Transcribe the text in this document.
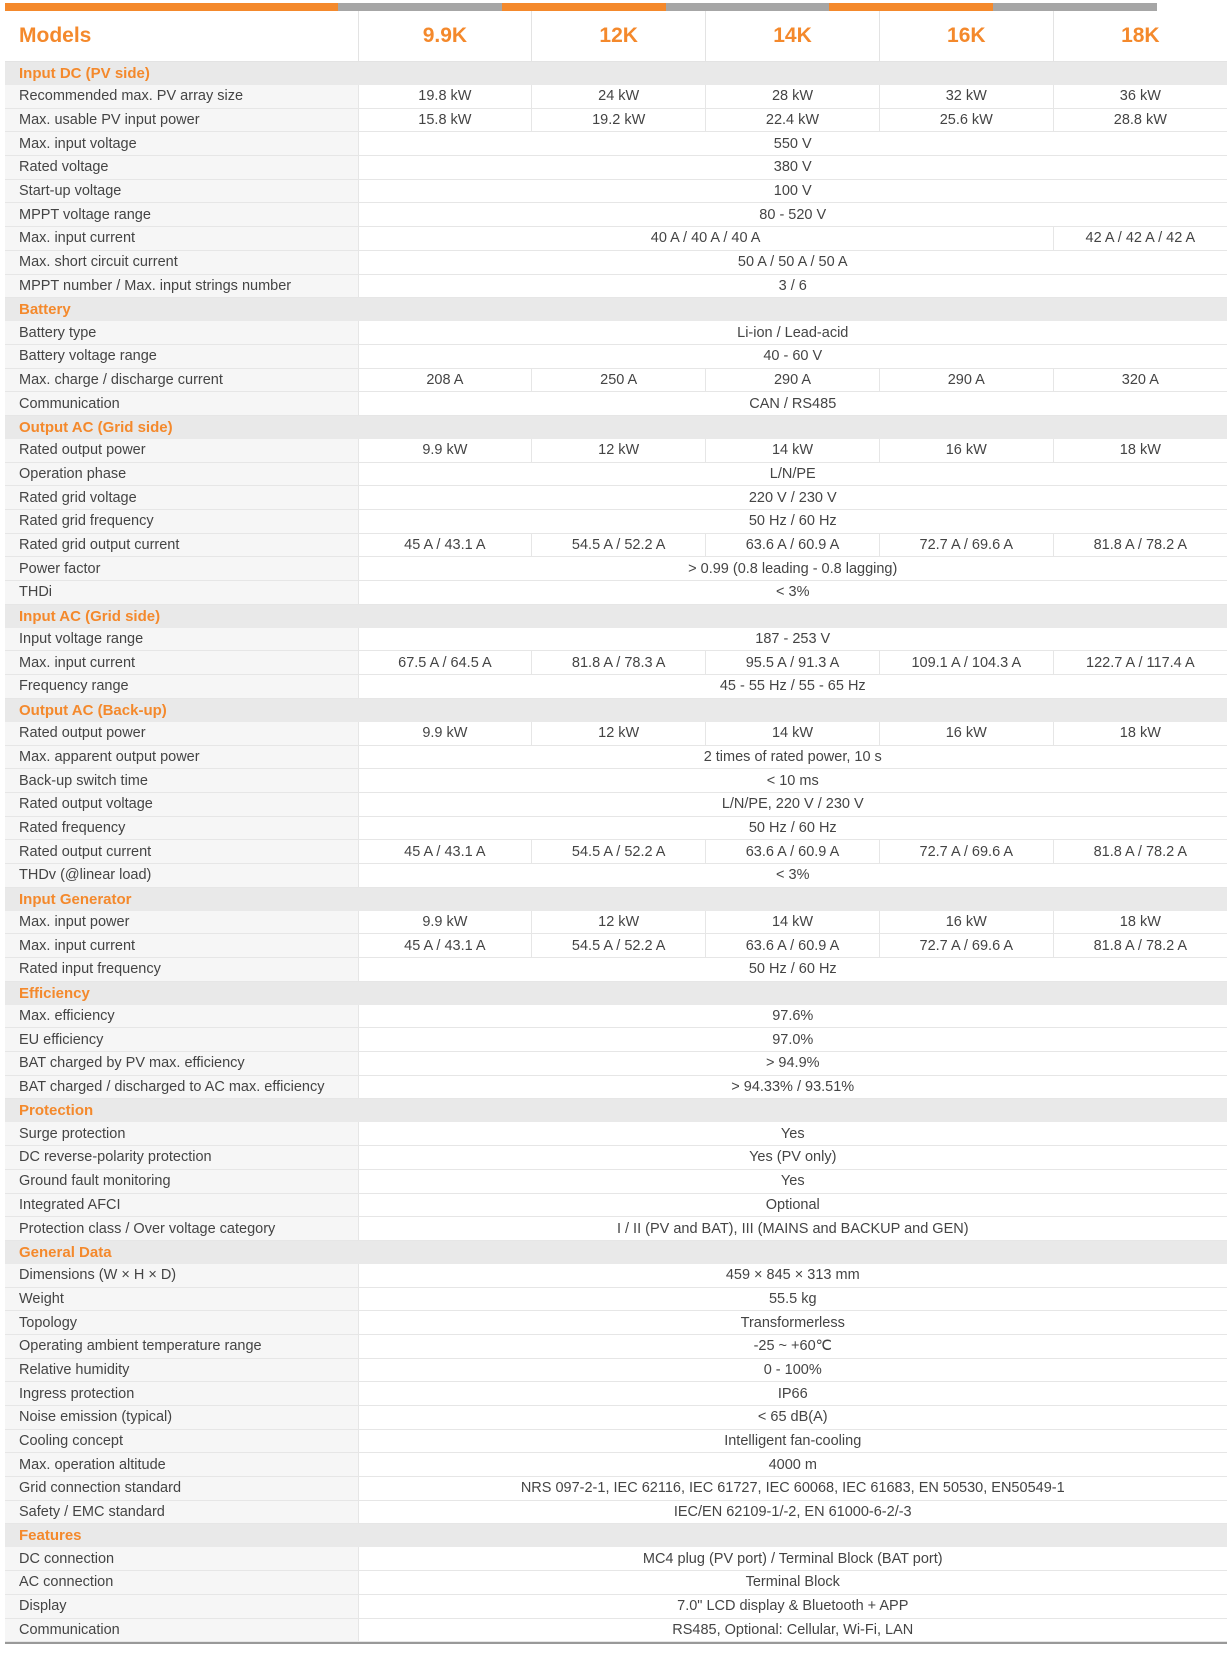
Models	9.9K	12K	14K	16K	18K
Input DC (PV side)					
Recommended max. PV array size	19.8 kW	24 kW	28 kW	32 kW	36 kW
Max. usable PV input power	15.8 kW	19.2 kW	22.4 kW	25.6 kW	28.8 kW
Max. input voltage	550 V				
Rated voltage	380 V				
Start-up voltage	100 V				
MPPT voltage range	80 - 520 V				
Max. input current	40 A / 40 A / 40 A				42 A / 42 A / 42 A
Max. short circuit current	50 A / 50 A / 50 A				
MPPT number / Max. input strings number	3 / 6				
Battery					
Battery type	Li-ion / Lead-acid				
Battery voltage range	40 - 60 V				
Max. charge / discharge current	208 A	250 A	290 A	290 A	320 A
Communication	CAN / RS485				
Output AC (Grid side)					
Rated output power	9.9 kW	12 kW	14 kW	16 kW	18 kW
Operation phase	L/N/PE				
Rated grid voltage	220 V / 230 V				
Rated grid frequency	50 Hz / 60 Hz				
Rated grid output current	45 A / 43.1 A	54.5 A / 52.2 A	63.6 A / 60.9 A	72.7 A / 69.6 A	81.8 A / 78.2 A
Power factor	> 0.99 (0.8 leading - 0.8 lagging)				
THDi	< 3%				
Input AC (Grid side)					
Input voltage range	187 - 253 V				
Max. input current	67.5 A / 64.5 A	81.8 A / 78.3 A	95.5 A / 91.3 A	109.1 A / 104.3 A	122.7 A / 117.4 A
Frequency range	45 - 55 Hz / 55 - 65 Hz				
Output AC (Back-up)					
Rated output power	9.9 kW	12 kW	14 kW	16 kW	18 kW
Max. apparent output power	2 times of rated power, 10 s				
Back-up switch time	< 10 ms				
Rated output voltage	L/N/PE, 220 V / 230 V				
Rated frequency	50 Hz / 60 Hz				
Rated output current	45 A / 43.1 A	54.5 A / 52.2 A	63.6 A / 60.9 A	72.7 A / 69.6 A	81.8 A / 78.2 A
THDv (@linear load)	< 3%				
Input Generator					
Max. input power	9.9 kW	12 kW	14 kW	16 kW	18 kW
Max. input current	45 A / 43.1 A	54.5 A / 52.2 A	63.6 A / 60.9 A	72.7 A / 69.6 A	81.8 A / 78.2 A
Rated input frequency	50 Hz / 60 Hz				
Efficiency					
Max. efficiency	97.6%				
EU efficiency	97.0%				
BAT charged by PV max. efficiency	> 94.9%				
BAT charged / discharged to AC max. efficiency	> 94.33% / 93.51%				
Protection					
Surge protection	Yes				
DC reverse-polarity protection	Yes (PV only)				
Ground fault monitoring	Yes				
Integrated AFCI	Optional				
Protection class / Over voltage category	I / II (PV and BAT), III (MAINS and BACKUP and GEN)				
General Data					
Dimensions (W × H × D)	459 × 845 × 313 mm				
Weight	55.5 kg				
Topology	Transformerless				
Operating ambient temperature range	-25 ~ +60℃				
Relative humidity	0 - 100%				
Ingress protection	IP66				
Noise emission (typical)	< 65 dB(A)				
Cooling concept	Intelligent fan-cooling				
Max. operation altitude	4000 m				
Grid connection standard	NRS 097-2-1, IEC 62116, IEC 61727, IEC 60068, IEC 61683, EN 50530, EN50549-1				
Safety / EMC standard	IEC/EN 62109-1/-2, EN 61000-6-2/-3				
Features					
DC connection	MC4 plug (PV port) / Terminal Block (BAT port)				
AC connection	Terminal Block				
Display	7.0" LCD display & Bluetooth + APP				
Communication	RS485, Optional: Cellular, Wi-Fi, LAN				
